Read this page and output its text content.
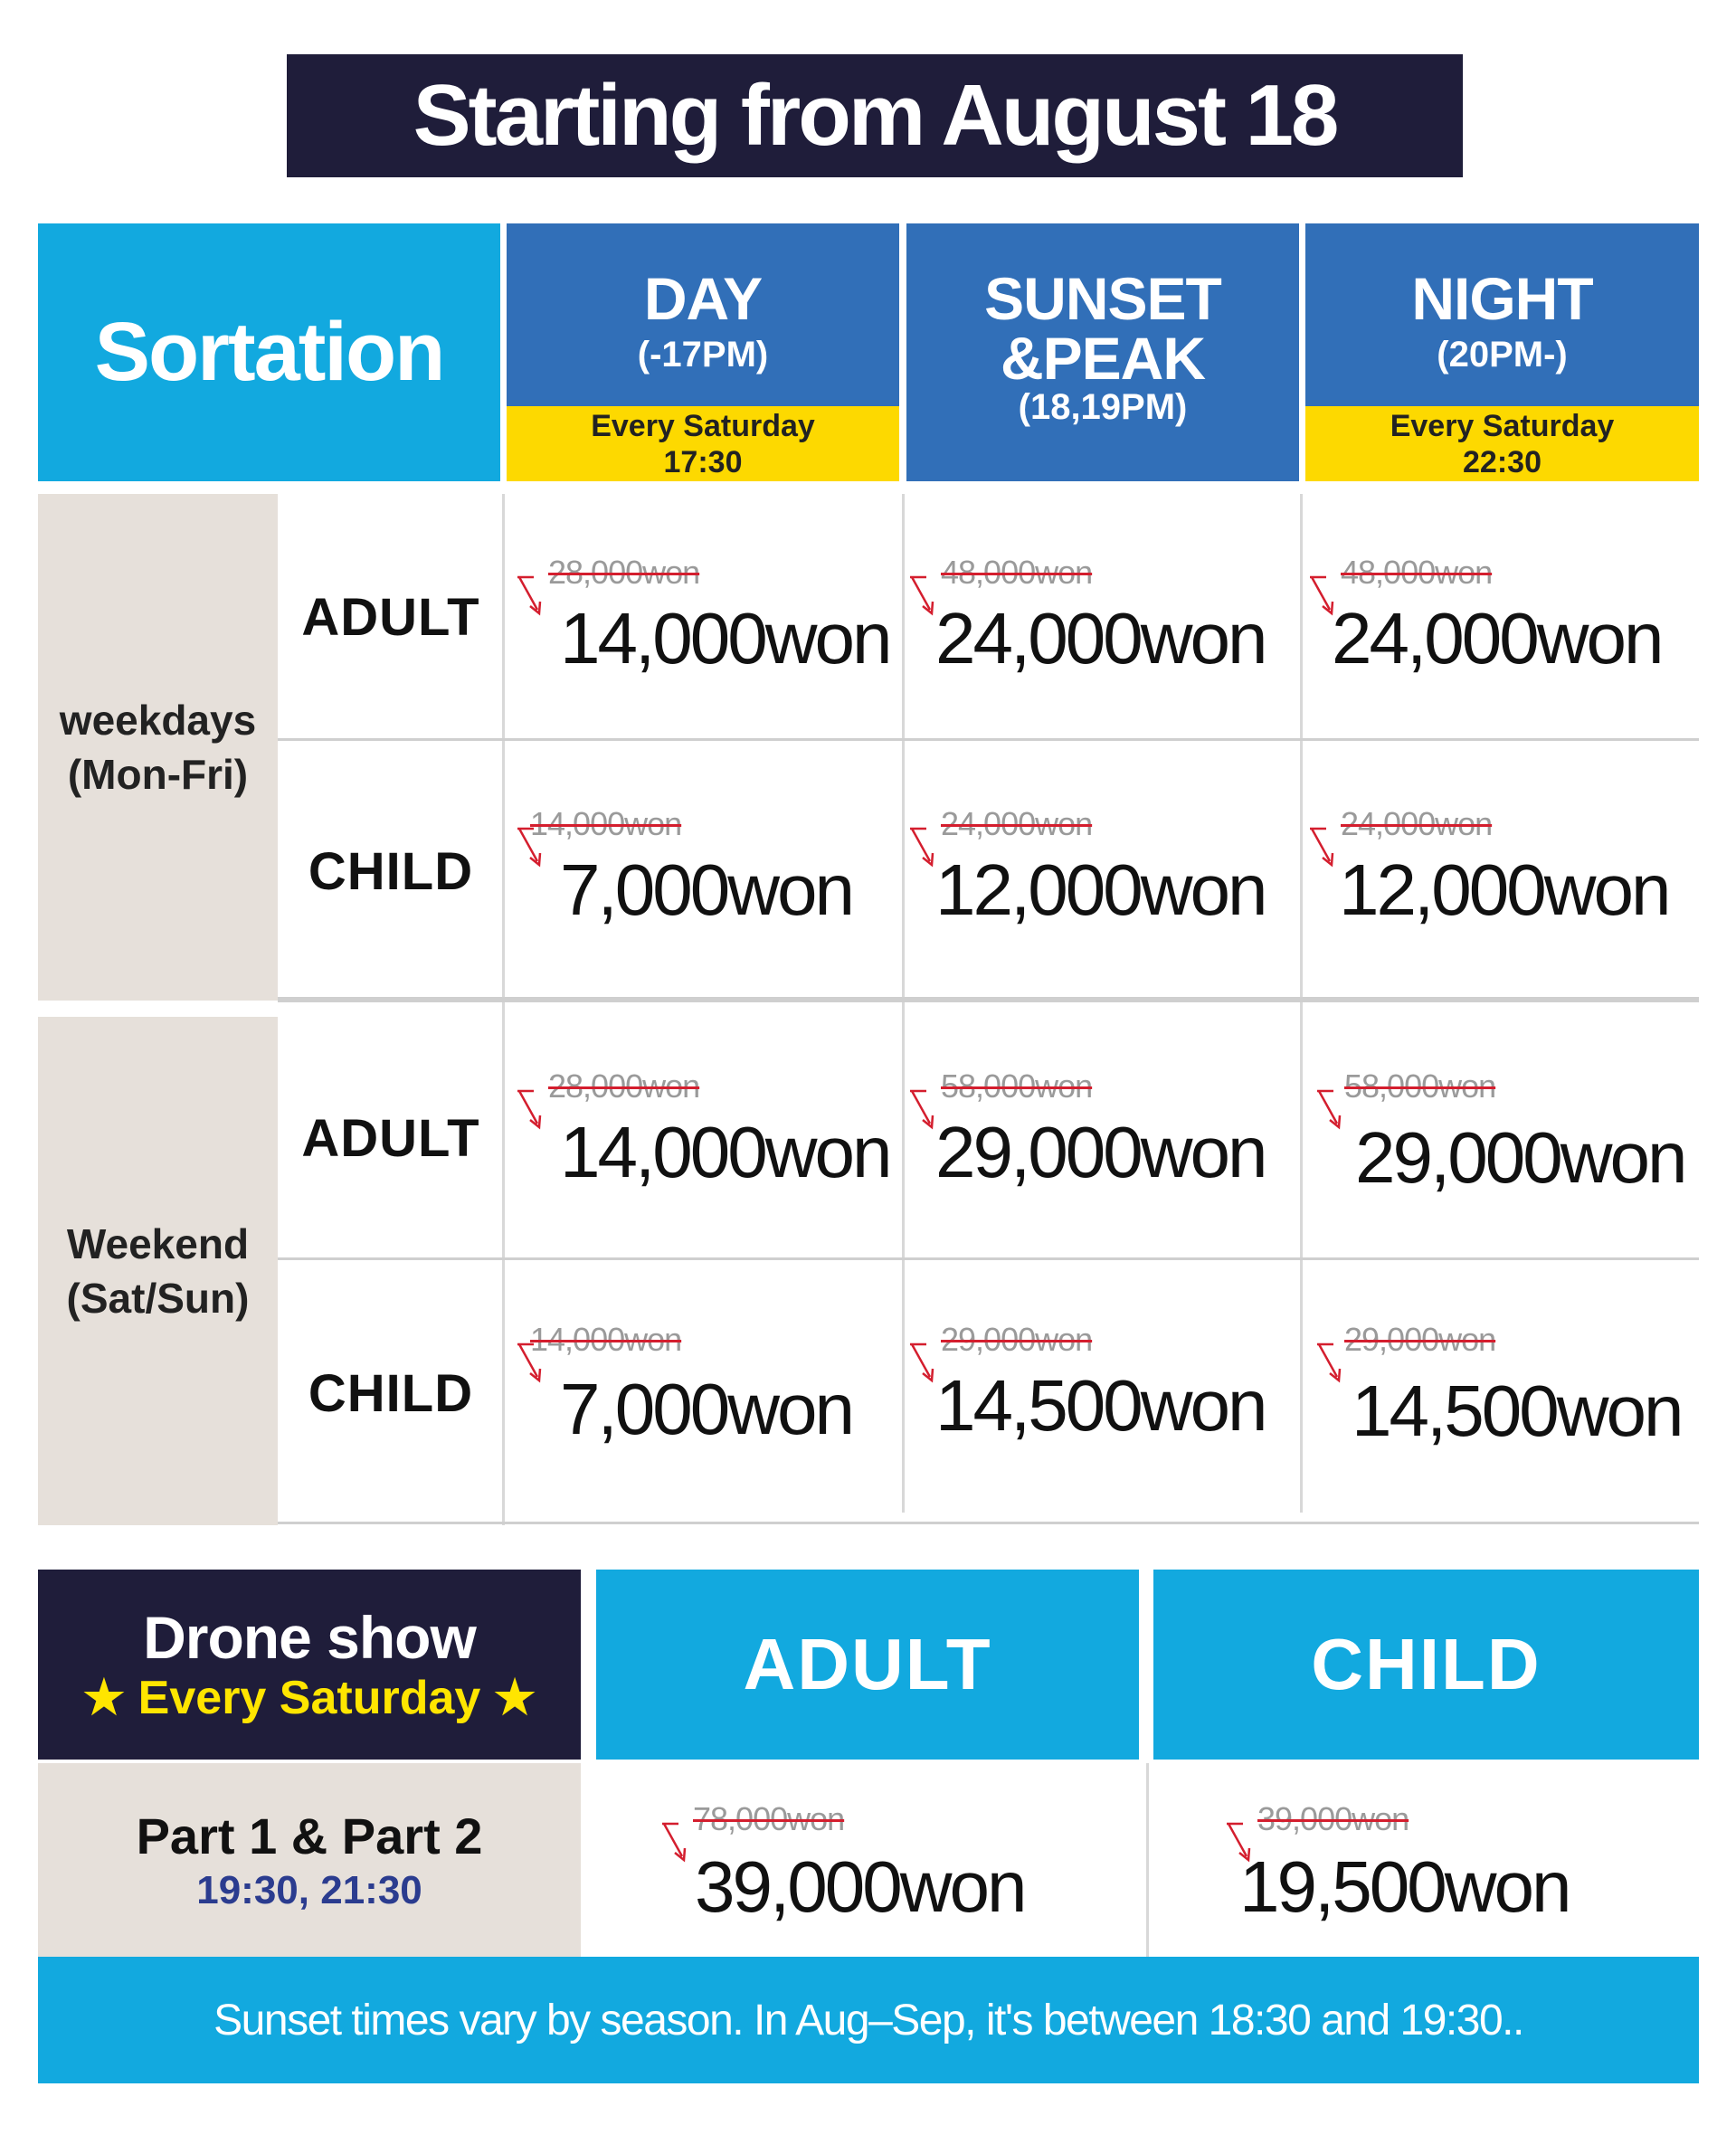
Starting from August 18
Sortation
DAY
(-17PM)
Every Saturday
17:30
SUNSET
&PEAK
(18,19PM)
NIGHT
(20PM-)
Every Saturday
22:30
weekdays
(Mon-Fri)
Weekend
(Sat/Sun)
ADULT
CHILD
ADULT
CHILD
28,000won
14,000won
48,000won
24,000won
48,000won
24,000won
14,000won
7,000won
24,000won
12,000won
24,000won
12,000won
28,000won
14,000won
58,000won
29,000won
58,000won
29,000won
14,000won
7,000won
29,000won
14,500won
29,000won
14,500won
Drone show
★ Every Saturday ★	ADULT	CHILD
Part 1 & Part 2
19:30, 21:30
78,000won
39,000won
39,000won
19,500won
Sunset times vary by season. In Aug–Sep, it's between 18:30 and 19:30..
